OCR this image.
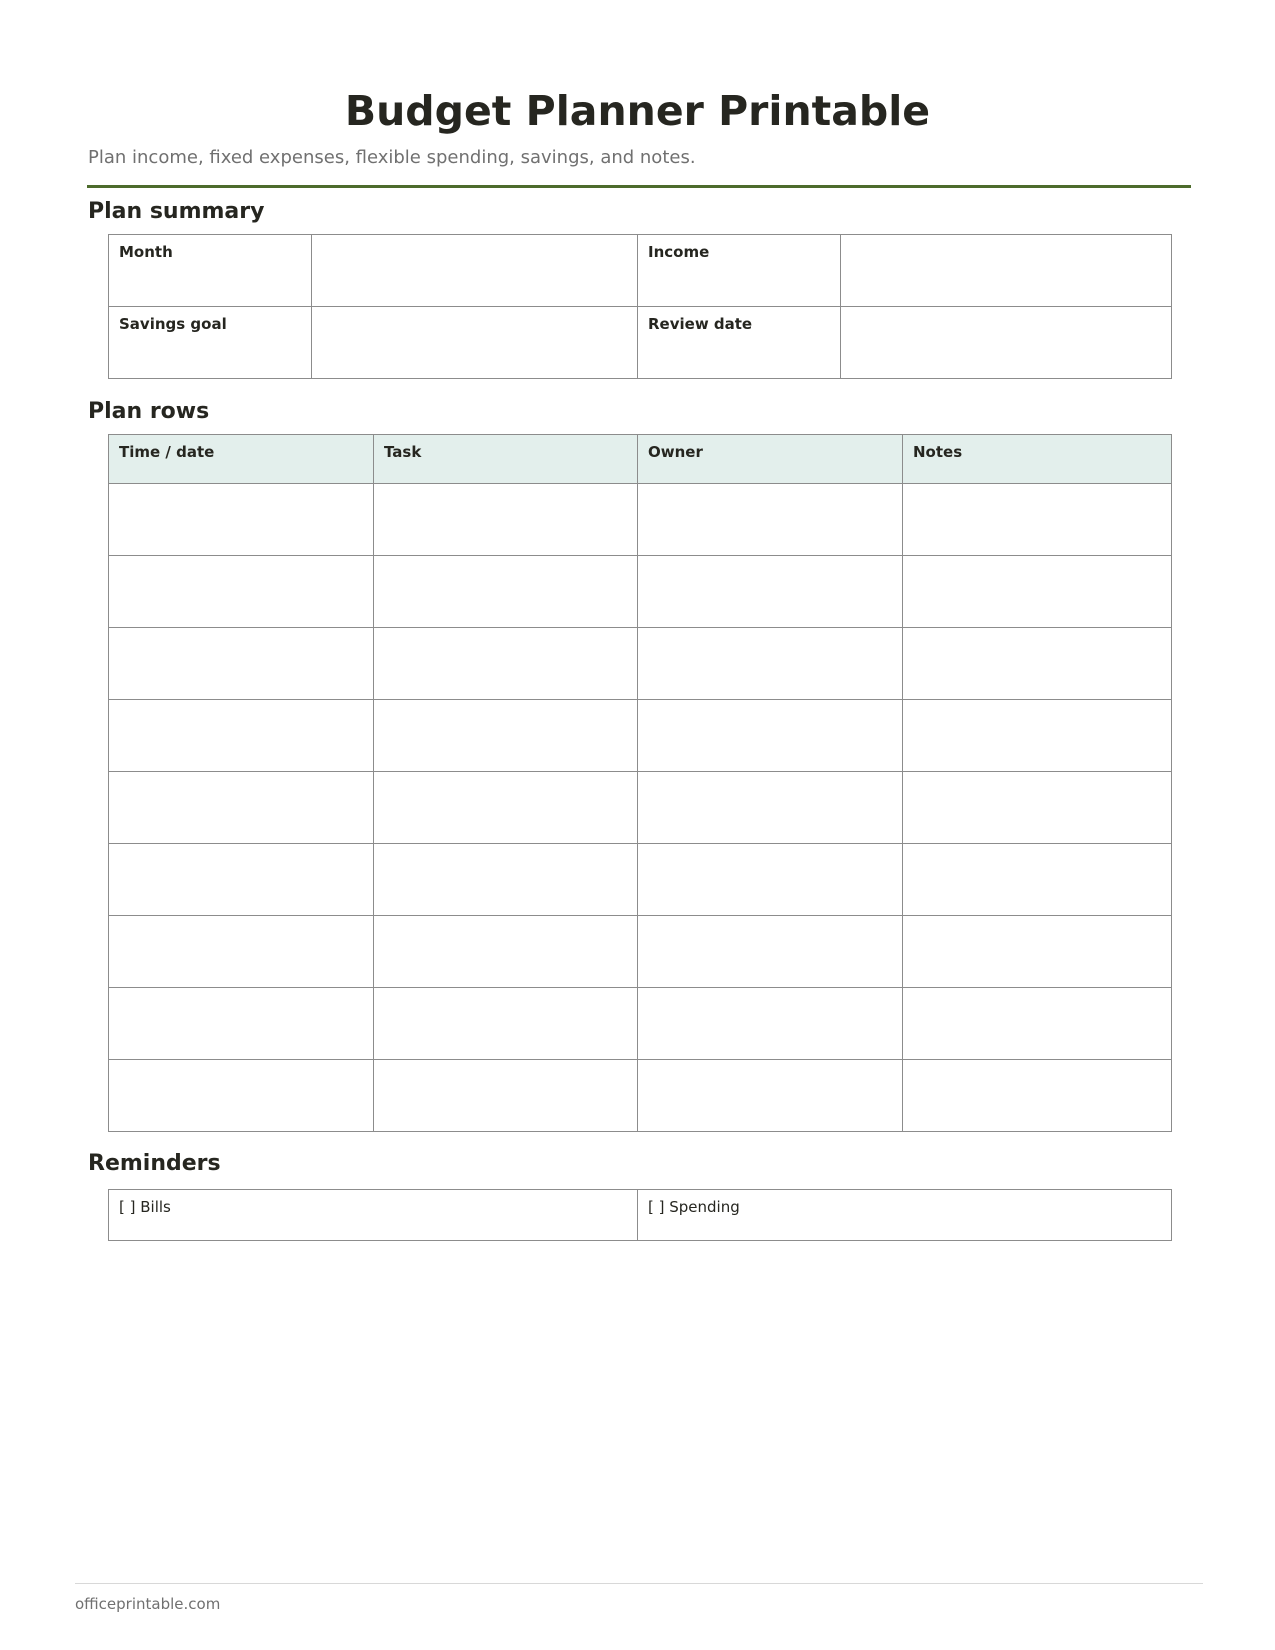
Budget Planner Printable

Plan income, fixed expenses, flexible spending, savings, and notes.

Plan summary
Month		Income	
Savings goal		Review date	
Plan rows
Time / date	Task	Owner	Notes

Reminders
[ ] Bills	[ ] Spending

officeprintable.com
